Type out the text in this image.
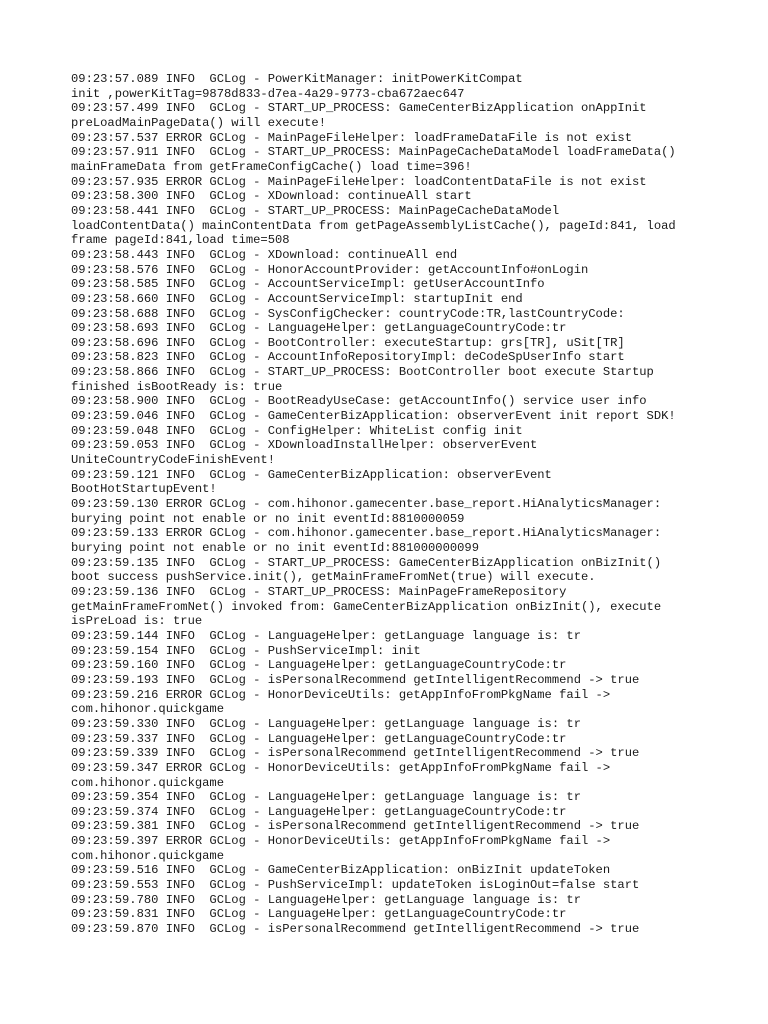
09:23:57.089 INFO  GCLog - PowerKitManager: initPowerKitCompat
init ,powerKitTag=9878d833-d7ea-4a29-9773-cba672aec647
09:23:57.499 INFO  GCLog - START_UP_PROCESS: GameCenterBizApplication onAppInit
preLoadMainPageData() will execute!
09:23:57.537 ERROR GCLog - MainPageFileHelper: loadFrameDataFile is not exist
09:23:57.911 INFO  GCLog - START_UP_PROCESS: MainPageCacheDataModel loadFrameData()
mainFrameData from getFrameConfigCache() load time=396!
09:23:57.935 ERROR GCLog - MainPageFileHelper: loadContentDataFile is not exist
09:23:58.300 INFO  GCLog - XDownload: continueAll start
09:23:58.441 INFO  GCLog - START_UP_PROCESS: MainPageCacheDataModel
loadContentData() mainContentData from getPageAssemblyListCache(), pageId:841, load
frame pageId:841,load time=508
09:23:58.443 INFO  GCLog - XDownload: continueAll end
09:23:58.576 INFO  GCLog - HonorAccountProvider: getAccountInfo#onLogin
09:23:58.585 INFO  GCLog - AccountServiceImpl: getUserAccountInfo
09:23:58.660 INFO  GCLog - AccountServiceImpl: startupInit end
09:23:58.688 INFO  GCLog - SysConfigChecker: countryCode:TR,lastCountryCode:
09:23:58.693 INFO  GCLog - LanguageHelper: getLanguageCountryCode:tr
09:23:58.696 INFO  GCLog - BootController: executeStartup: grs[TR], uSit[TR]
09:23:58.823 INFO  GCLog - AccountInfoRepositoryImpl: deCodeSpUserInfo start
09:23:58.866 INFO  GCLog - START_UP_PROCESS: BootController boot execute Startup
finished isBootReady is: true
09:23:58.900 INFO  GCLog - BootReadyUseCase: getAccountInfo() service user info
09:23:59.046 INFO  GCLog - GameCenterBizApplication: observerEvent init report SDK!
09:23:59.048 INFO  GCLog - ConfigHelper: WhiteList config init
09:23:59.053 INFO  GCLog - XDownloadInstallHelper: observerEvent
UniteCountryCodeFinishEvent!
09:23:59.121 INFO  GCLog - GameCenterBizApplication: observerEvent
BootHotStartupEvent!
09:23:59.130 ERROR GCLog - com.hihonor.gamecenter.base_report.HiAnalyticsManager:
burying point not enable or no init eventId:8810000059
09:23:59.133 ERROR GCLog - com.hihonor.gamecenter.base_report.HiAnalyticsManager:
burying point not enable or no init eventId:881000000099
09:23:59.135 INFO  GCLog - START_UP_PROCESS: GameCenterBizApplication onBizInit()
boot success pushService.init(), getMainFrameFromNet(true) will execute.
09:23:59.136 INFO  GCLog - START_UP_PROCESS: MainPageFrameRepository
getMainFrameFromNet() invoked from: GameCenterBizApplication onBizInit(), execute
isPreLoad is: true
09:23:59.144 INFO  GCLog - LanguageHelper: getLanguage language is: tr
09:23:59.154 INFO  GCLog - PushServiceImpl: init
09:23:59.160 INFO  GCLog - LanguageHelper: getLanguageCountryCode:tr
09:23:59.193 INFO  GCLog - isPersonalRecommend getIntelligentRecommend -> true
09:23:59.216 ERROR GCLog - HonorDeviceUtils: getAppInfoFromPkgName fail ->
com.hihonor.quickgame
09:23:59.330 INFO  GCLog - LanguageHelper: getLanguage language is: tr
09:23:59.337 INFO  GCLog - LanguageHelper: getLanguageCountryCode:tr
09:23:59.339 INFO  GCLog - isPersonalRecommend getIntelligentRecommend -> true
09:23:59.347 ERROR GCLog - HonorDeviceUtils: getAppInfoFromPkgName fail ->
com.hihonor.quickgame
09:23:59.354 INFO  GCLog - LanguageHelper: getLanguage language is: tr
09:23:59.374 INFO  GCLog - LanguageHelper: getLanguageCountryCode:tr
09:23:59.381 INFO  GCLog - isPersonalRecommend getIntelligentRecommend -> true
09:23:59.397 ERROR GCLog - HonorDeviceUtils: getAppInfoFromPkgName fail ->
com.hihonor.quickgame
09:23:59.516 INFO  GCLog - GameCenterBizApplication: onBizInit updateToken
09:23:59.553 INFO  GCLog - PushServiceImpl: updateToken isLoginOut=false start
09:23:59.780 INFO  GCLog - LanguageHelper: getLanguage language is: tr
09:23:59.831 INFO  GCLog - LanguageHelper: getLanguageCountryCode:tr
09:23:59.870 INFO  GCLog - isPersonalRecommend getIntelligentRecommend -> true
